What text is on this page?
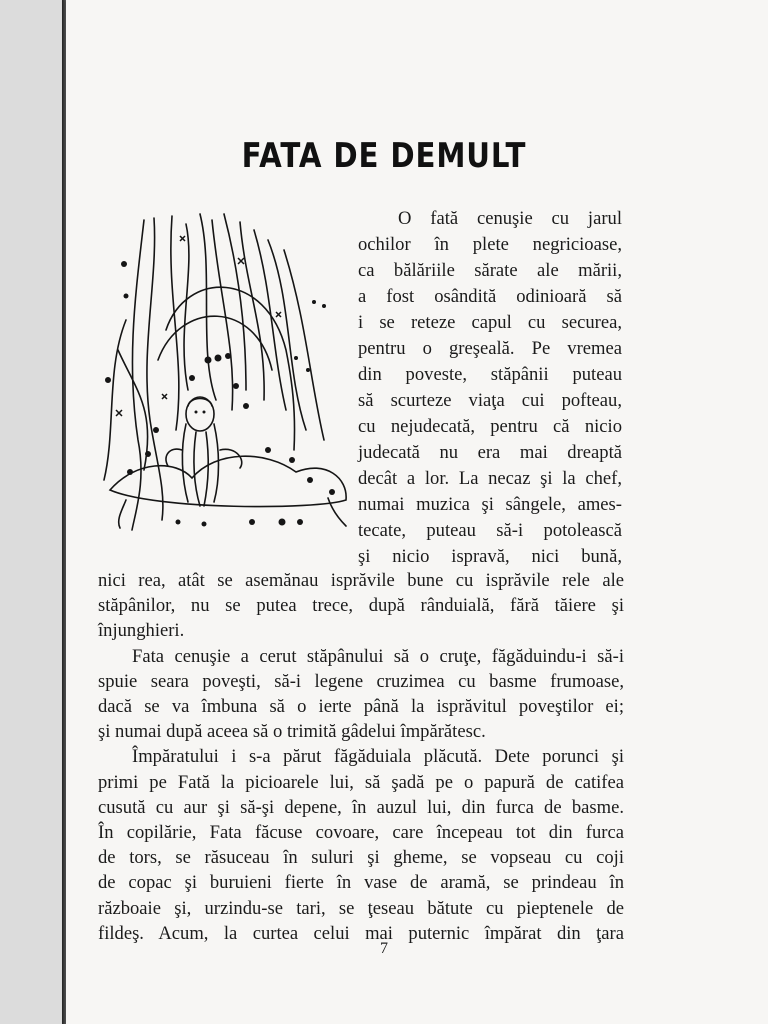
FATA DE DEMULT
O fată cenuşie cu jarul
ochilor în plete negricioase,
ca bălăriile sărate ale mării,
a fost osândită odinioară să
i se reteze capul cu securea,
pentru o greşeală. Pe vremea
din poveste, stăpânii puteau
să scurteze viaţa cui pofteau,
cu nejudecată, pentru că nicio
judecată nu era mai dreaptă
decât a lor. La necaz şi la chef,
numai muzica şi sângele, ames-
tecate, puteau să-i potolească
şi nicio ispravă, nici bună,
nici rea, atât se asemănau isprăvile bune cu isprăvile rele ale
stăpânilor, nu se putea trece, după rânduială, fără tăiere şi
înjunghieri.
Fata cenuşie a cerut stăpânului să o cruţe, făgăduindu-i să-i
spuie seara poveşti, să-i legene cruzimea cu basme frumoase,
dacă se va îmbuna să o ierte până la isprăvitul poveştilor ei;
şi numai după aceea să o trimită gâdelui împărătesc.
Împăratului i s-a părut făgăduiala plăcută. Dete porunci şi
primi pe Fată la picioarele lui, să şadă pe o papură de catifea
cusută cu aur şi să-şi depene, în auzul lui, din furca de basme.
În copilărie, Fata făcuse covoare, care începeau tot din furca
de tors, se răsuceau în suluri şi gheme, se vopseau cu coji
de copac şi buruieni fierte în vase de aramă, se prindeau în
războaie şi, urzindu-se tari, se ţeseau bătute cu pieptenele de
7
fildeş. Acum, la curtea celui mai puternic împărat din ţara
